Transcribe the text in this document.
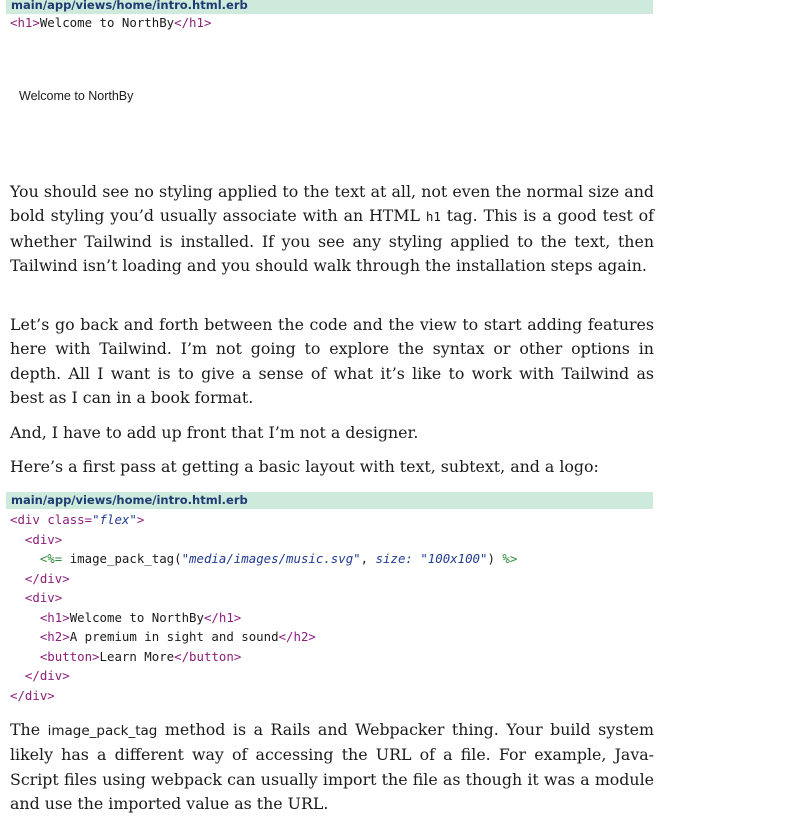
main/app/views/home/intro.html.erb
<h1>Welcome to NorthBy</h1>
Welcome to NorthBy

You should see no styling applied to the text at all, not even the normal size and bold styling you’d usually associate with an HTML h1 tag. This is a good test of whether Tailwind is installed. If you see any styling applied to the text, then Tailwind isn’t loading and you should walk through the installation steps again.

Let’s go back and forth between the code and the view to start adding features here with Tailwind. I’m not going to explore the syntax or other options in depth. All I want is to give a sense of what it’s like to work with Tailwind as best as I can in a book format.

And, I have to add up front that I’m not a designer.

Here’s a first pass at getting a basic layout with text, subtext, and a logo:

main/app/views/home/intro.html.erb
<div class="flex">
<div>
<%= image_pack_tag("media/images/music.svg", size: "100x100") %>
</div>
<div>
<h1>Welcome to NorthBy</h1>
<h2>A premium in sight and sound</h2>
<button>Learn More</button>
</div>
</div>

The image_pack_tag method is a Rails and Webpacker thing. Your build system likely has a different way of accessing the URL of a file. For example, Java-Script files using webpack can usually import the file as though it was a module and use the imported value as the URL.
